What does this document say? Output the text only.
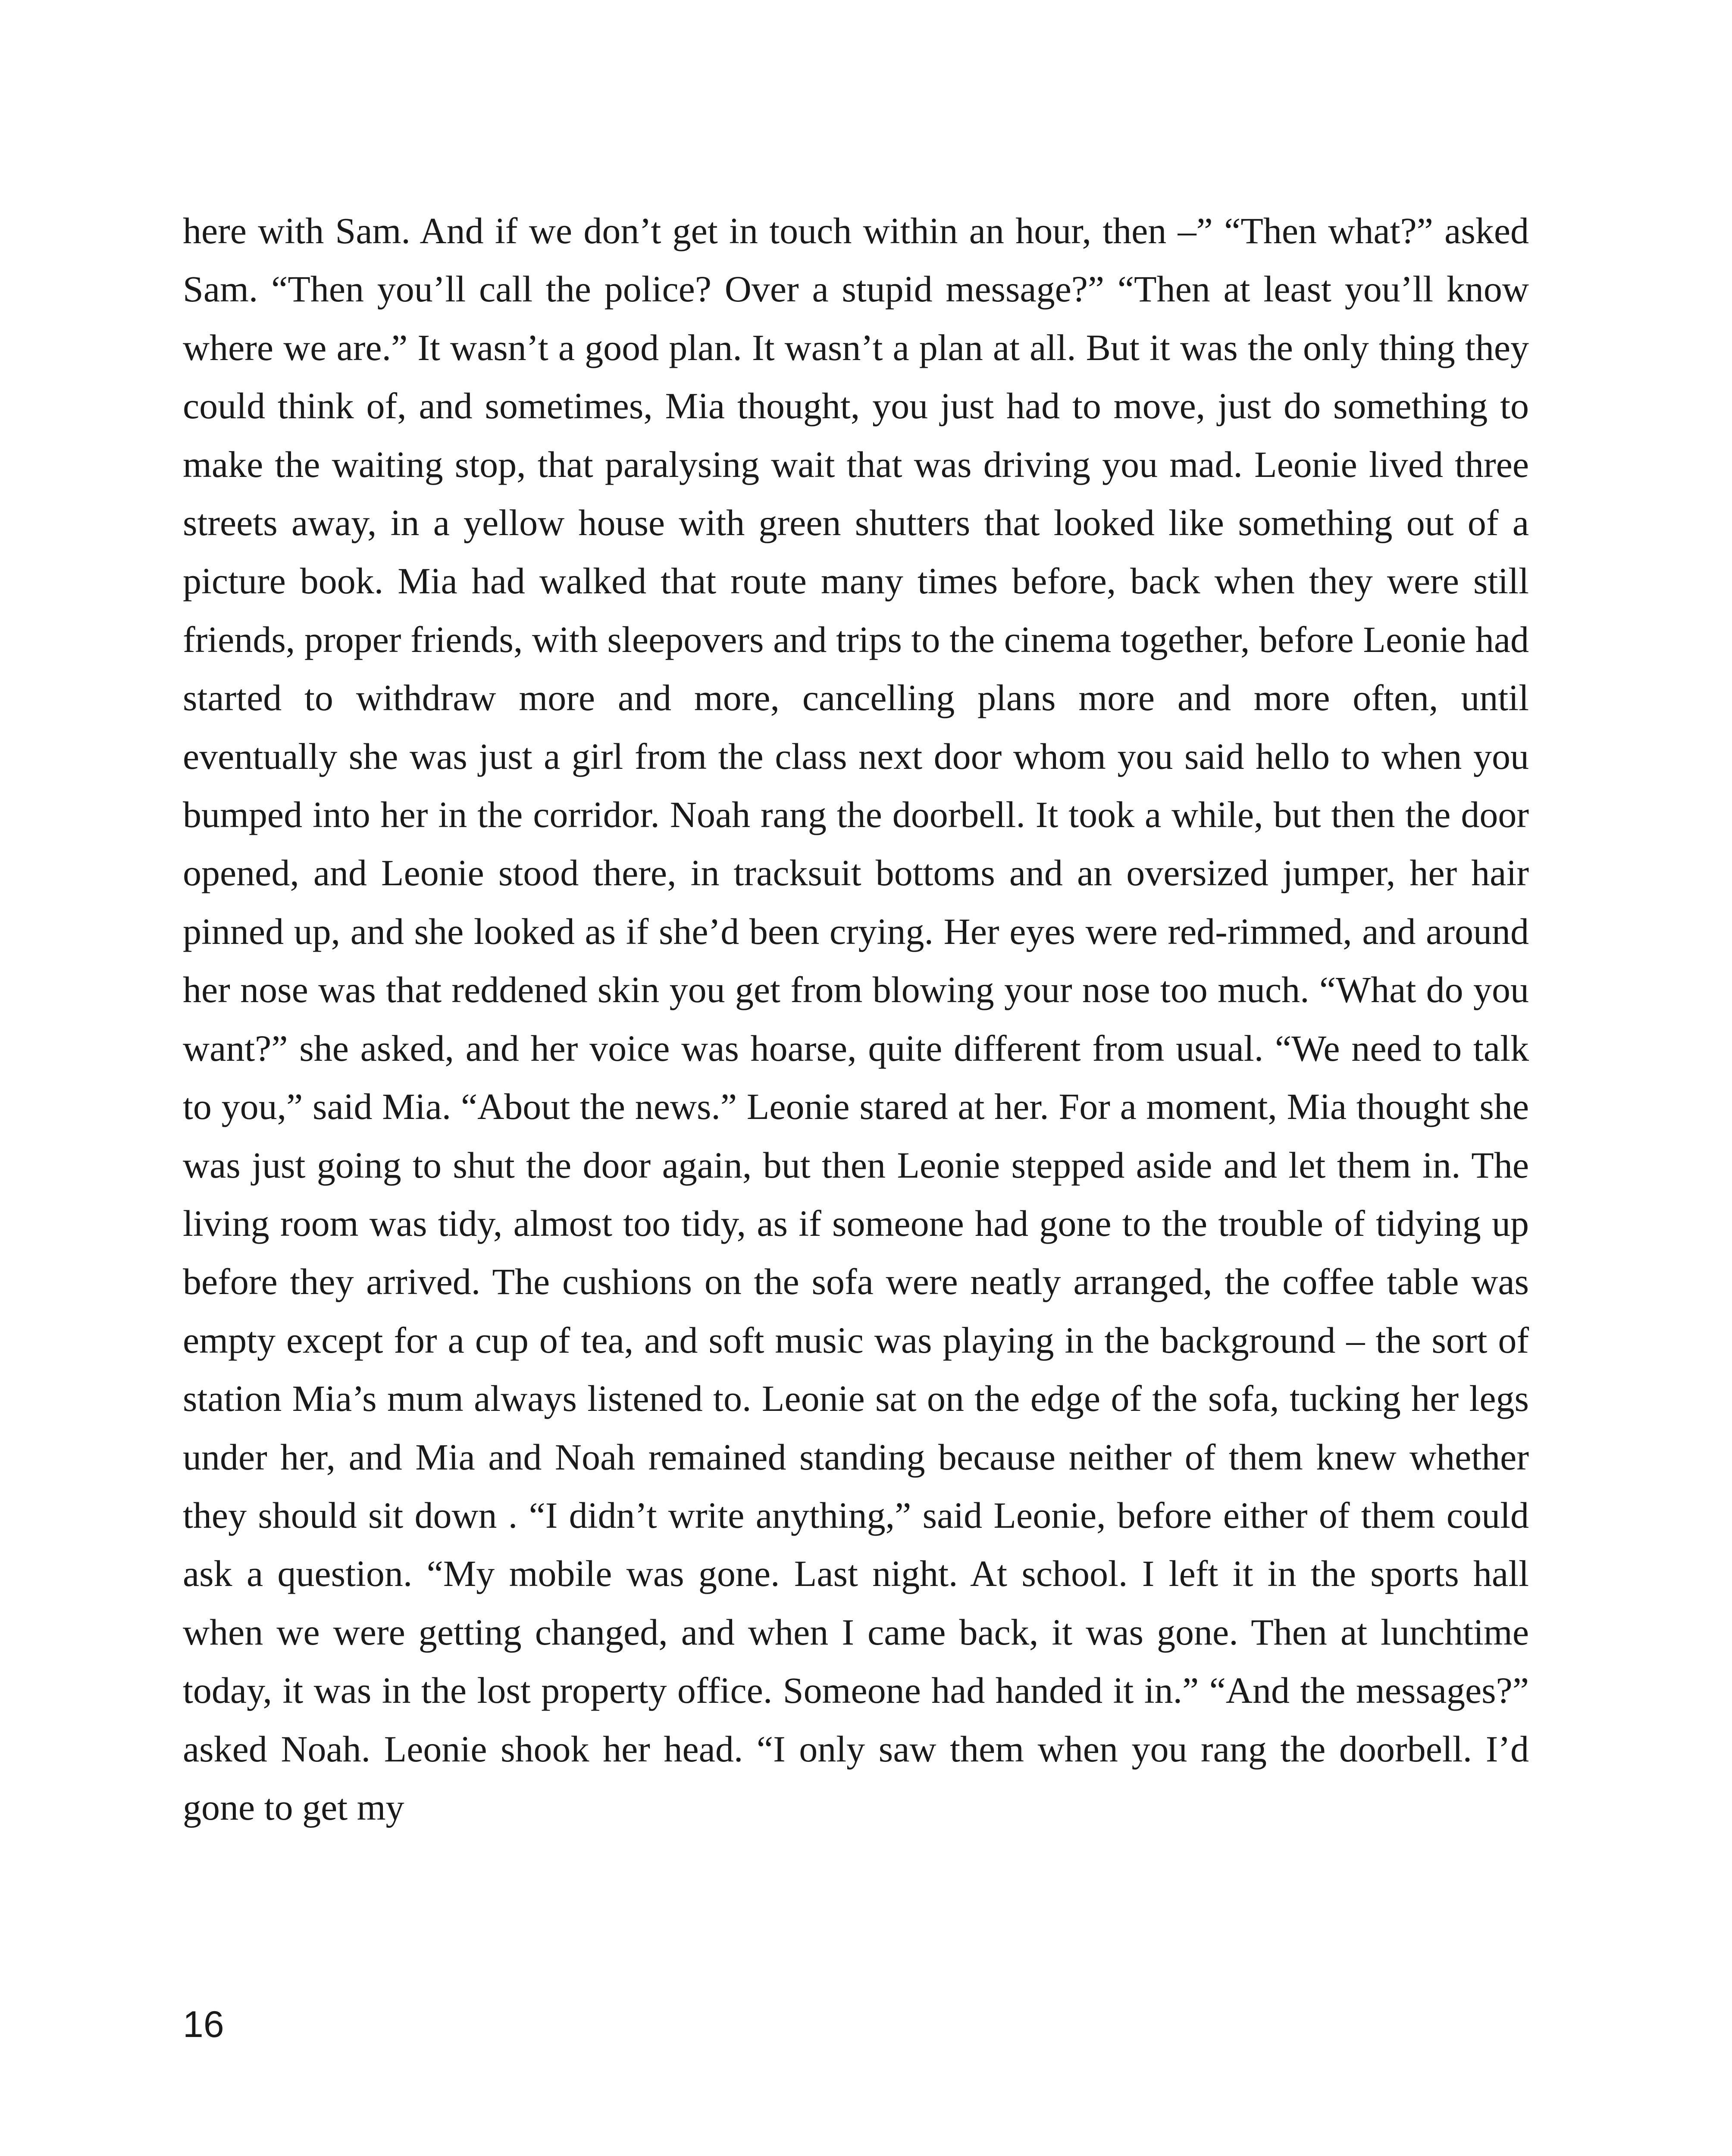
here with Sam. And if we don’t get in touch within an hour, then –” “Then what?” asked Sam. “Then you’ll call the police? Over a stupid message?” “Then at least you’ll know where we are.” It wasn’t a good plan. It wasn’t a plan at all. But it was the only thing they could think of, and sometimes, Mia thought, you just had to move, just do something to make the waiting stop, that paralysing wait that was driving you mad. Leonie lived three streets away, in a yellow house with green shutters that looked like something out of a picture book. Mia had walked that route many times before, back when they were still friends, proper friends, with sleepovers and trips to the cinema together, before Leonie had started to withdraw more and more, cancelling plans more and more often, until eventually she was just a girl from the class next door whom you said hello to when you bumped into her in the corridor. Noah rang the doorbell. It took a while, but then the door opened, and Leonie stood there, in tracksuit bottoms and an oversized jumper, her hair pinned up, and she looked as if she’d been crying. Her eyes were red-rimmed, and around her nose was that reddened skin you get from blowing your nose too much. “What do you want?” she asked, and her voice was hoarse, quite different from usual. “We need to talk to you,” said Mia. “About the news.” Leonie stared at her. For a moment, Mia thought she was just going to shut the door again, but then Leonie stepped aside and let them in. The living room was tidy, almost too tidy, as if someone had gone to the trouble of tidying up before they arrived. The cushions on the sofa were neatly arranged, the coffee table was empty except for a cup of tea, and soft music was playing in the background – the sort of station Mia’s mum always listened to. Leonie sat on the edge of the sofa, tucking her legs under her, and Mia and Noah remained standing because neither of them knew whether they should sit down . “I didn’t write anything,” said Leonie, before either of them could ask a question. “My mobile was gone. Last night. At school. I left it in the sports hall when we were getting changed, and when I came back, it was gone. Then at lunchtime today, it was in the lost property office. Someone had handed it in.” “And the messages?” asked Noah. Leonie shook her head. “I only saw them when you rang the doorbell. I’d gone to get my

16
